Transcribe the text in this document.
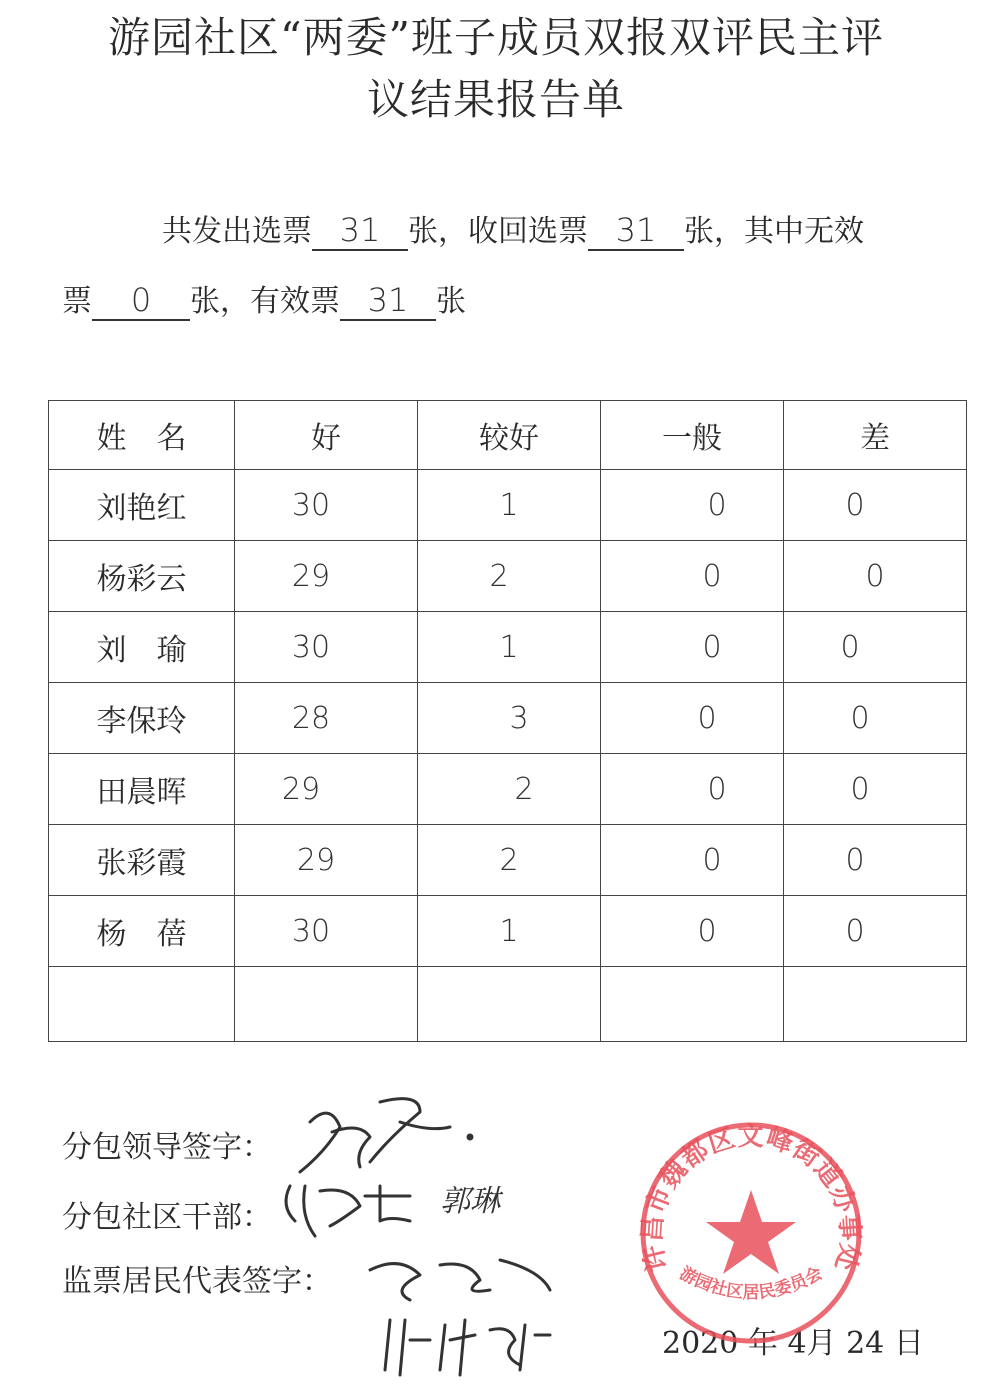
游园社区“两委”班子成员双报双评民主评
议结果报告单
共发出选票 31 张，收回选票 31 张，其中无效
票 0 张，有效票 31 张
姓　名	好	较好	一般	差
刘艳红	30	1	0	0
杨彩云	29	2	0	0
刘　瑜	30	1	0	0
李保玲	28	3	0	0
田晨晖	29	2	0	0
张彩霞	29	2	0	0
杨　蓓	30	1	0	0

分包领导签字：
分包社区干部：
监票居民代表签字：
郭琳
2020 年 4月 24 日
许昌市魏都区文峰街道办事处
游园社区居民委员会
